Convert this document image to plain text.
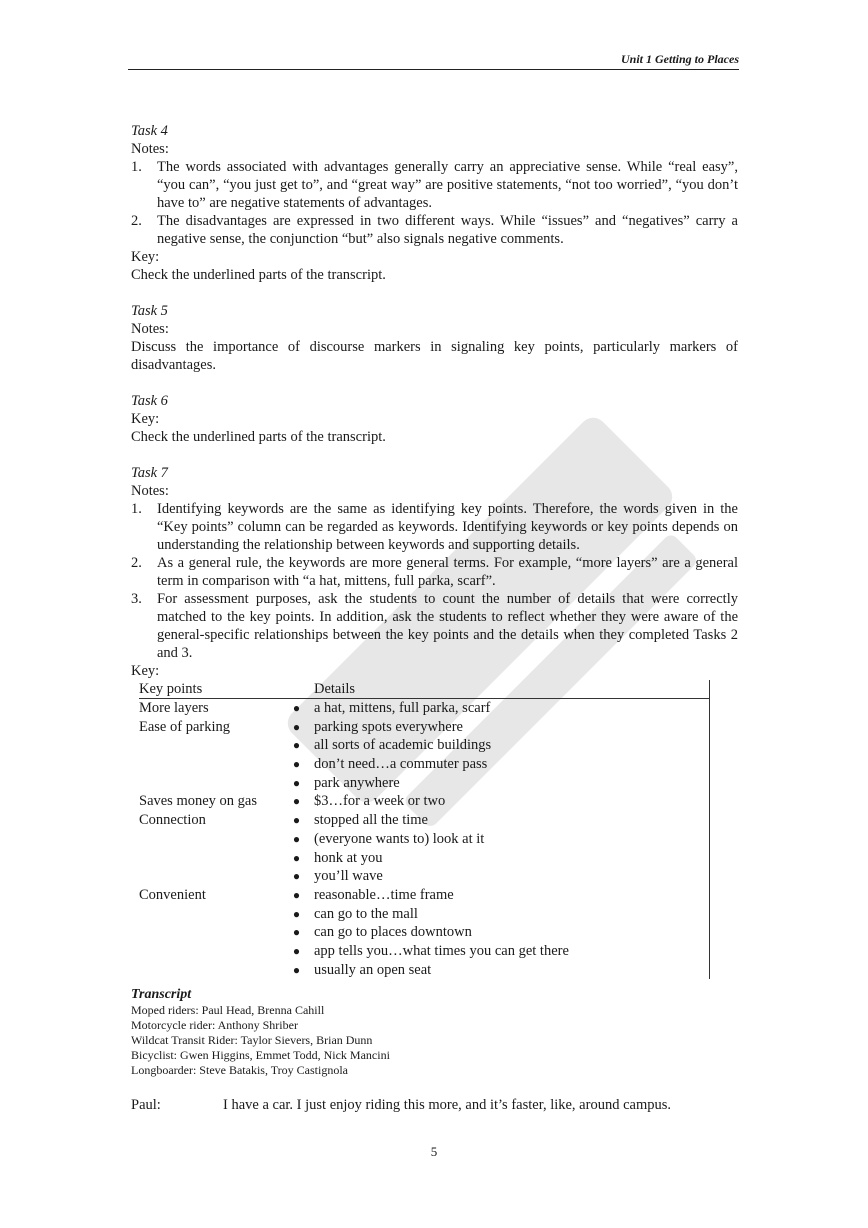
Unit 1 Getting to Places
Task 4
Notes:
1. The words associated with advantages generally carry an appreciative sense. While “real easy”, “you can”, “you just get to”, and “great way” are positive statements, “not too worried”, “you don’t have to” are negative statements of advantages.
2. The disadvantages are expressed in two different ways. While “issues” and “negatives” carry a negative sense, the conjunction “but” also signals negative comments.
Key:
Check the underlined parts of the transcript.
Task 5
Notes:
Discuss the importance of discourse markers in signaling key points, particularly markers of disadvantages.
Task 6
Key:
Check the underlined parts of the transcript.
Task 7
Notes:
1. Identifying keywords are the same as identifying key points. Therefore, the words given in the “Key points” column can be regarded as keywords. Identifying keywords or key points depends on understanding the relationship between keywords and supporting details.
2. As a general rule, the keywords are more general terms. For example, “more layers” are a general term in comparison with “a hat, mittens, full parka, scarf”.
3. For assessment purposes, ask the students to count the number of details that were correctly matched to the key points. In addition, ask the students to reflect whether they were aware of the general-specific relationships between the key points and the details when they completed Tasks 2 and 3.
Key:
Key points	Details
More layers	● a hat, mittens, full parka, scarf
Ease of parking	● parking spots everywhere
● all sorts of academic buildings
● don’t need…a commuter pass
● park anywhere
Saves money on gas	● $3…for a week or two
Connection	● stopped all the time
● (everyone wants to) look at it
● honk at you
● you’ll wave
Convenient	● reasonable…time frame
● can go to the mall
● can go to places downtown
● app tells you…what times you can get there
● usually an open seat
Transcript
Moped riders: Paul Head, Brenna Cahill
Motorcycle rider: Anthony Shriber
Wildcat Transit Rider: Taylor Sievers, Brian Dunn
Bicyclist: Gwen Higgins, Emmet Todd, Nick Mancini
Longboarder: Steve Batakis, Troy Castignola
Paul:	I have a car. I just enjoy riding this more, and it’s faster, like, around campus.
5
